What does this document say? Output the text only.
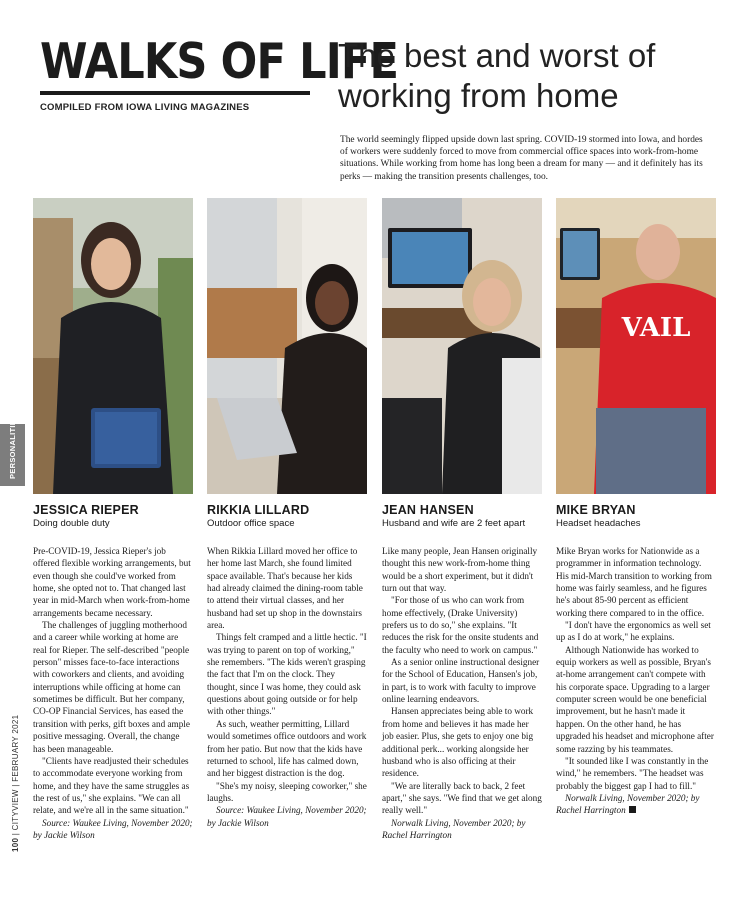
WALKS OF LIFE
COMPILED FROM IOWA LIVING MAGAZINES
The best and worst of working from home
The world seemingly flipped upside down last spring. COVID-19 stormed into Iowa, and hordes of workers were suddenly forced to move from commercial office spaces into work-from-home situations. While working from home has long been a dream for many — and it definitely has its perks — making the transition presents challenges, too.
PERSONALITIES
100 | CITYVIEW | FEBRUARY 2021
JESSICA RIEPER
Doing double duty

Pre-COVID-19, Jessica Rieper's job offered flexible working arrangements, but even though she could've worked from home, she opted not to. That changed last year in mid-March when work-from-home arrangements became necessary.

The challenges of juggling motherhood and a career while working at home are real for Rieper. The self-described "people person" misses face-to-face interactions with coworkers and clients, and avoiding interruptions while officing at home can sometimes be difficult. But her company, CO-OP Financial Services, has eased the transition with perks, gift boxes and ample positive messaging. Overall, the change has been manageable.

"Clients have readjusted their schedules to accommodate everyone working from home, and they have the same struggles as the rest of us," she explains. "We can all relate, and we're all in the same situation."

Source: Waukee Living, November 2020; by Jackie Wilson

RIKKIA LILLARD
Outdoor office space

When Rikkia Lillard moved her office to her home last March, she found limited space available. That's because her kids had already claimed the dining-room table to attend their virtual classes, and her husband had set up shop in the downstairs area.

Things felt cramped and a little hectic. "I was trying to parent on top of working," she remembers. "The kids weren't grasping the fact that I'm on the clock. They thought, since I was home, they could ask questions about going outside or for help with other things."

As such, weather permitting, Lillard would sometimes office outdoors and work from her patio. But now that the kids have returned to school, life has calmed down, and her biggest distraction is the dog.

"She's my noisy, sleeping coworker," she laughs.

Source: Waukee Living, November 2020; by Jackie Wilson

JEAN HANSEN
Husband and wife are 2 feet apart

Like many people, Jean Hansen originally thought this new work-from-home thing would be a short experiment, but it didn't turn out that way.

"For those of us who can work from home effectively, (Drake University) prefers us to do so," she explains. "It reduces the risk for the onsite students and the faculty who need to work on campus."

As a senior online instructional designer for the School of Education, Hansen's job, in part, is to work with faculty to improve online learning endeavors.

Hansen appreciates being able to work from home and believes it has made her job easier. Plus, she gets to enjoy one big additional perk... working alongside her husband who is also officing at their residence.

"We are literally back to back, 2 feet apart," she says. "We find that we get along really well."

Norwalk Living, November 2020; by Rachel Harrington

VAIL
MIKE BRYAN
Headset headaches

Mike Bryan works for Nationwide as a programmer in information technology. His mid-March transition to working from home was fairly seamless, and he figures he's about 85-90 percent as efficient working there compared to in the office.

"I don't have the ergonomics as well set up as I do at work," he explains.

Although Nationwide has worked to equip workers as well as possible, Bryan's at-home arrangement can't compete with his corporate space. Upgrading to a larger computer screen would be one beneficial improvement, but he hasn't made it happen. On the other hand, he has upgraded his headset and microphone after some razzing by his teammates.

"It sounded like I was constantly in the wind," he remembers. "The headset was probably the biggest gap I had to fill."

Norwalk Living, November 2020; by Rachel Harrington
